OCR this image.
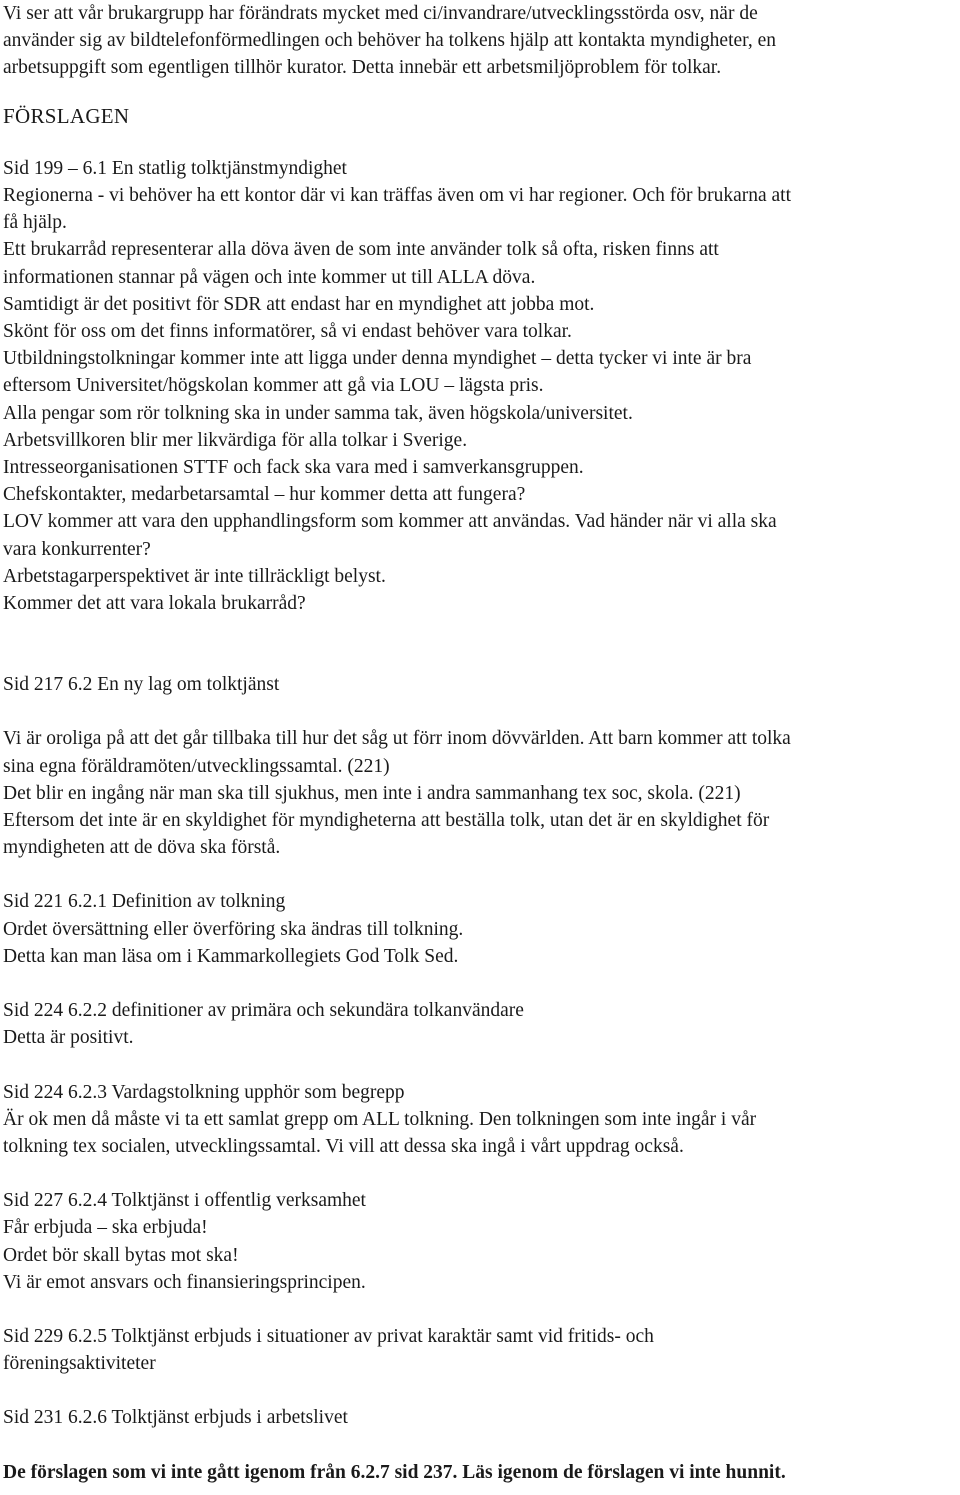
Vi ser att vår brukargrupp har förändrats mycket med ci/invandrare/utvecklingsstörda osv, när de

använder sig av bildtelefonförmedlingen och behöver ha tolkens hjälp att kontakta myndigheter, en

arbetsuppgift som egentligen tillhör kurator. Detta innebär ett arbetsmiljöproblem för tolkar.

FÖRSLAGEN

Sid 199 – 6.1 En statlig tolktjänstmyndighet

Regionerna - vi behöver ha ett kontor där vi kan träffas även om vi har regioner. Och för brukarna att

få hjälp.

Ett brukarråd representerar alla döva även de som inte använder tolk så ofta, risken finns att

informationen stannar på vägen och inte kommer ut till ALLA döva.

Samtidigt är det positivt för SDR att endast har en myndighet att jobba mot.

Skönt för oss om det finns informatörer, så vi endast behöver vara tolkar.

Utbildningstolkningar kommer inte att ligga under denna myndighet – detta tycker vi inte är bra

eftersom Universitet/högskolan kommer att gå via LOU – lägsta pris.

Alla pengar som rör tolkning ska in under samma tak, även högskola/universitet.

Arbetsvillkoren blir mer likvärdiga för alla tolkar i Sverige.

Intresseorganisationen STTF och fack ska vara med i samverkansgruppen.

Chefskontakter, medarbetarsamtal – hur kommer detta att fungera?

LOV kommer att vara den upphandlingsform som kommer att användas. Vad händer när vi alla ska

vara konkurrenter?

Arbetstagarperspektivet är inte tillräckligt belyst.

Kommer det att vara lokala brukarråd?

Sid 217 6.2 En ny lag om tolktjänst

Vi är oroliga på att det går tillbaka till hur det såg ut förr inom dövvärlden. Att barn kommer att tolka

sina egna föräldramöten/utvecklingssamtal. (221)

Det blir en ingång när man ska till sjukhus, men inte i andra sammanhang tex soc, skola. (221)

Eftersom det inte är en skyldighet för myndigheterna att beställa tolk, utan det är en skyldighet för

myndigheten att de döva ska förstå.

Sid 221 6.2.1 Definition av tolkning

Ordet översättning eller överföring ska ändras till tolkning.

Detta kan man läsa om i Kammarkollegiets God Tolk Sed.

Sid 224 6.2.2 definitioner av primära och sekundära tolkanvändare

Detta är positivt.

Sid 224 6.2.3 Vardagstolkning upphör som begrepp

Är ok men då måste vi ta ett samlat grepp om ALL tolkning. Den tolkningen som inte ingår i vår

tolkning tex socialen, utvecklingssamtal. Vi vill att dessa ska ingå i vårt uppdrag också.

Sid 227 6.2.4 Tolktjänst i offentlig verksamhet

Får erbjuda – ska erbjuda!

Ordet bör skall bytas mot ska!

Vi är emot ansvars och finansieringsprincipen.

Sid 229 6.2.5 Tolktjänst erbjuds i situationer av privat karaktär samt vid fritids- och

föreningsaktiviteter

Sid 231 6.2.6 Tolktjänst erbjuds i arbetslivet

De förslagen som vi inte gått igenom från 6.2.7 sid 237. Läs igenom de förslagen vi inte hunnit.
